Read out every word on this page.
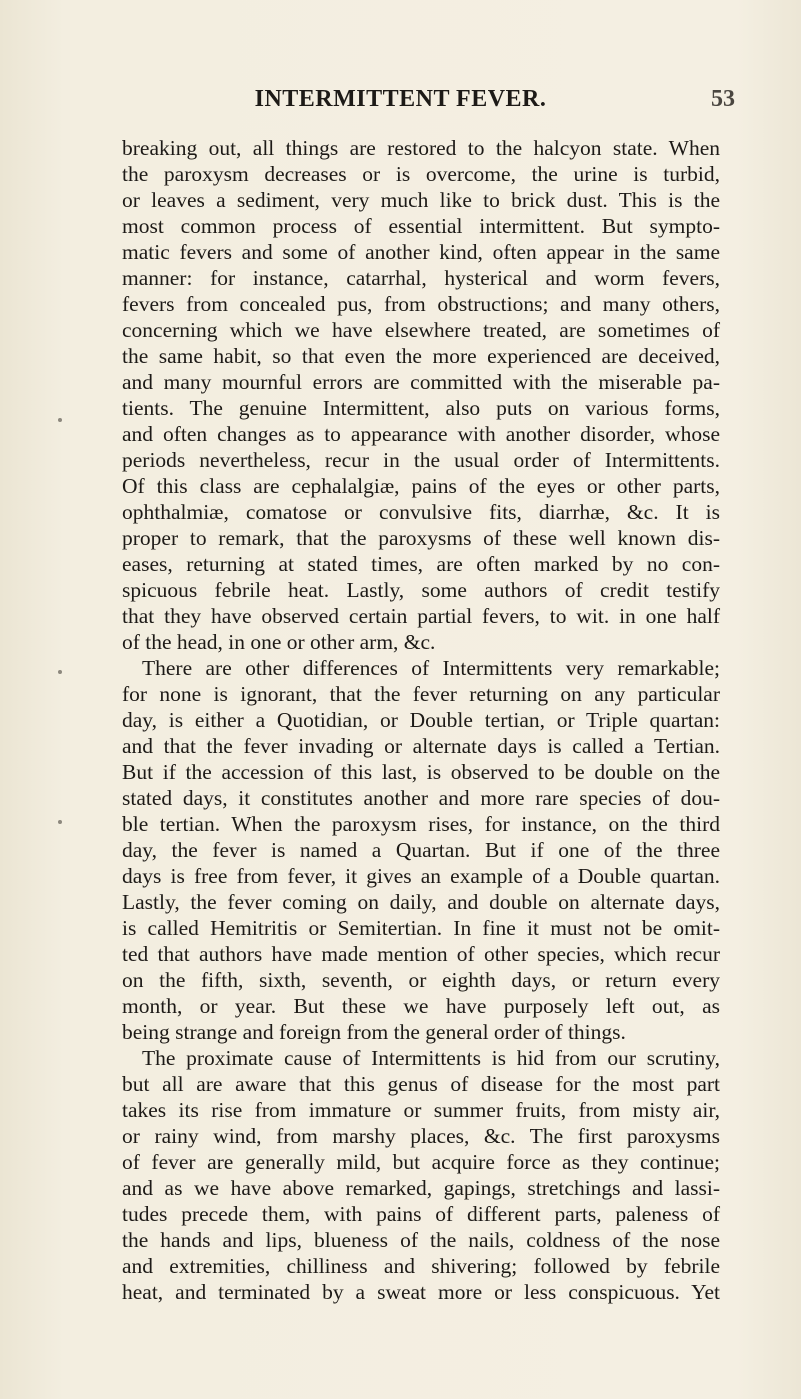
INTERMITTENT FEVER.	53
breaking out, all things are restored to the halcyon state. When
the paroxysm decreases or is overcome, the urine is turbid,
or leaves a sediment, very much like to brick dust. This is the
most common process of essential intermittent. But sympto-
matic fevers and some of another kind, often appear in the same
manner: for instance, catarrhal, hysterical and worm fevers,
fevers from concealed pus, from obstructions; and many others,
concerning which we have elsewhere treated, are sometimes of
the same habit, so that even the more experienced are deceived,
and many mournful errors are committed with the miserable pa-
tients. The genuine Intermittent, also puts on various forms,
and often changes as to appearance with another disorder, whose
periods nevertheless, recur in the usual order of Intermittents.
Of this class are cephalalgiæ, pains of the eyes or other parts,
ophthalmiæ, comatose or convulsive fits, diarrhæ, &c. It is
proper to remark, that the paroxysms of these well known dis-
eases, returning at stated times, are often marked by no con-
spicuous febrile heat. Lastly, some authors of credit testify
that they have observed certain partial fevers, to wit. in one half
of the head, in one or other arm, &c.
There are other differences of Intermittents very remarkable;
for none is ignorant, that the fever returning on any particular
day, is either a Quotidian, or Double tertian, or Triple quartan:
and that the fever invading or alternate days is called a Tertian.
But if the accession of this last, is observed to be double on the
stated days, it constitutes another and more rare species of dou-
ble tertian. When the paroxysm rises, for instance, on the third
day, the fever is named a Quartan. But if one of the three
days is free from fever, it gives an example of a Double quartan.
Lastly, the fever coming on daily, and double on alternate days,
is called Hemitritis or Semitertian. In fine it must not be omit-
ted that authors have made mention of other species, which recur
on the fifth, sixth, seventh, or eighth days, or return every
month, or year. But these we have purposely left out, as
being strange and foreign from the general order of things.
The proximate cause of Intermittents is hid from our scrutiny,
but all are aware that this genus of disease for the most part
takes its rise from immature or summer fruits, from misty air,
or rainy wind, from marshy places, &c. The first paroxysms
of fever are generally mild, but acquire force as they continue;
and as we have above remarked, gapings, stretchings and lassi-
tudes precede them, with pains of different parts, paleness of
the hands and lips, blueness of the nails, coldness of the nose
and extremities, chilliness and shivering; followed by febrile
heat, and terminated by a sweat more or less conspicuous. Yet
